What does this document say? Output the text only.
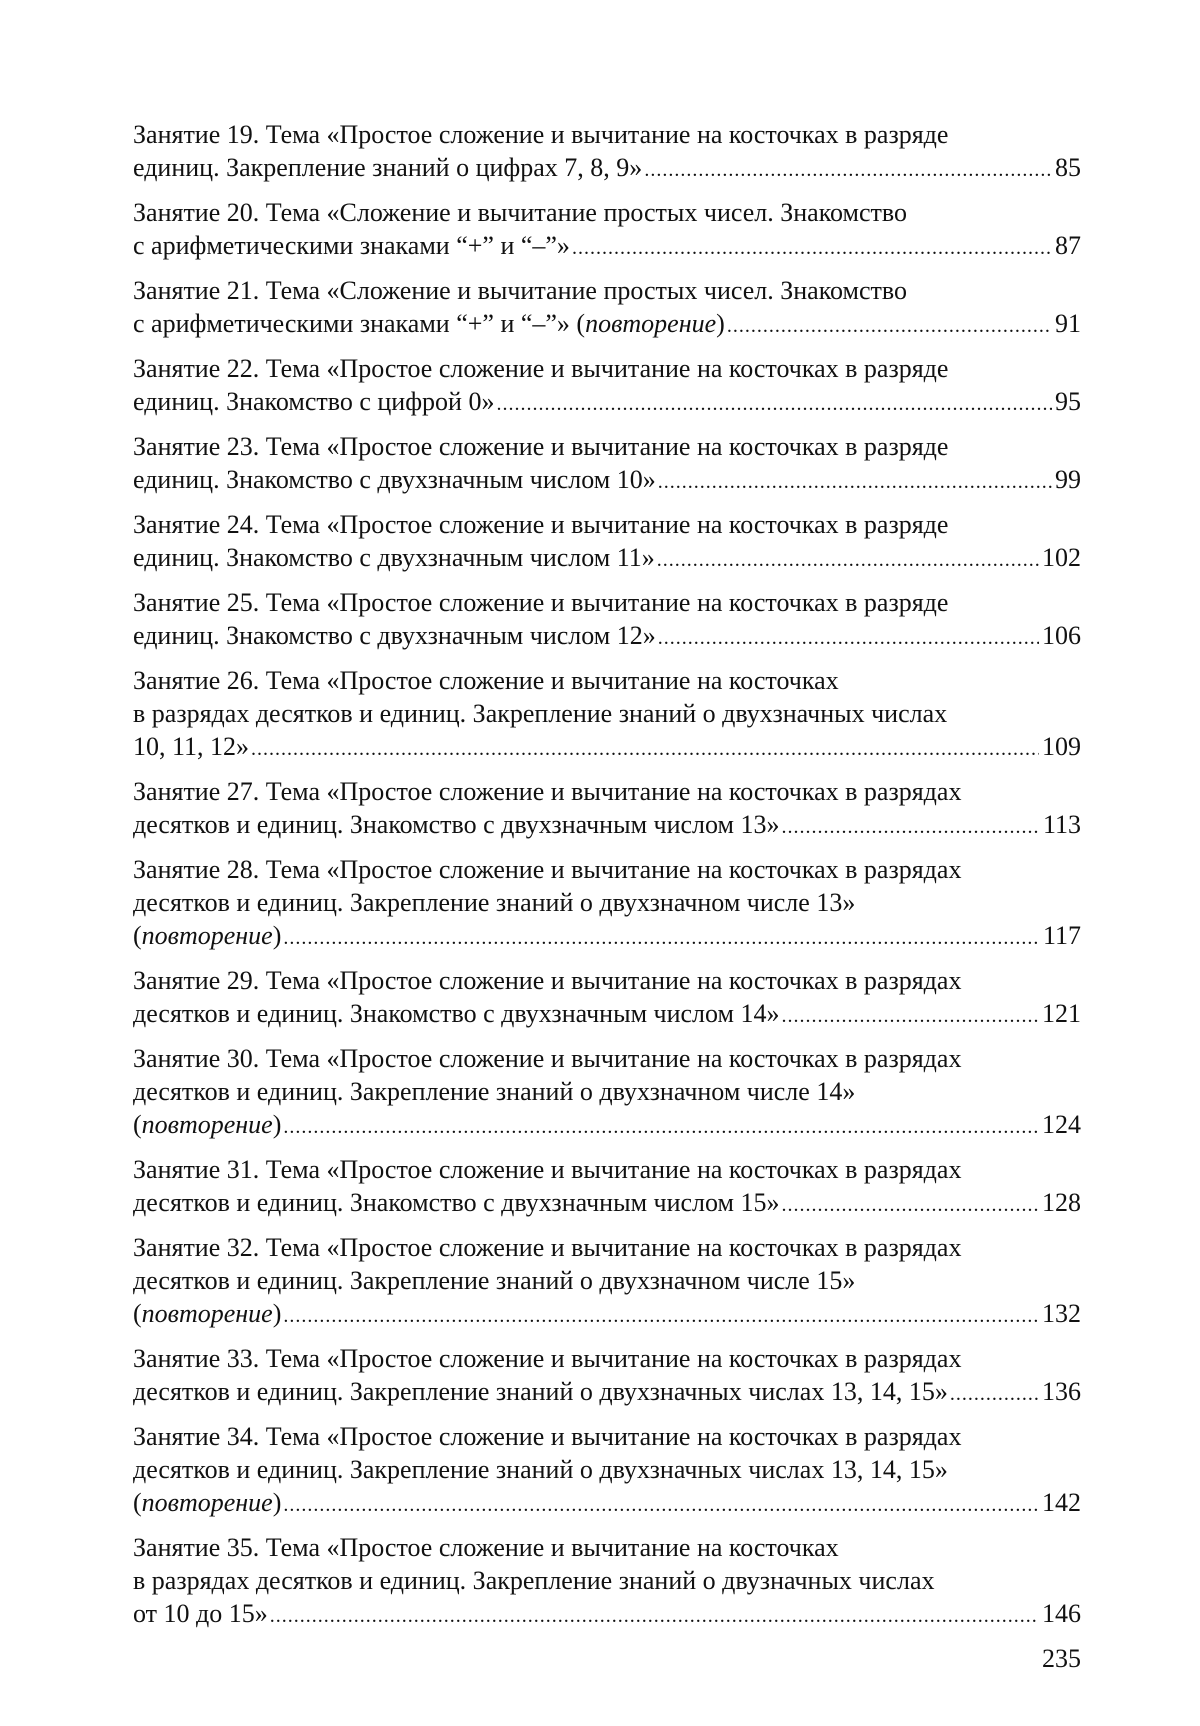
Занятие 19. Тема «Простое сложение и вычитание на косточках в разряде
единиц. Закрепление знаний о цифрах 7, 8, 9» .....	85
Занятие 20. Тема «Сложение и вычитание простых чисел. Знакомство
с арифметическими знаками “+” и “–”» .....	87
Занятие 21. Тема «Сложение и вычитание простых чисел. Знакомство
с арифметическими знаками “+” и “–”» (повторение) .....	91
Занятие 22. Тема «Простое сложение и вычитание на косточках в разряде
единиц. Знакомство с цифрой 0» .....	95
Занятие 23. Тема «Простое сложение и вычитание на косточках в разряде
единиц. Знакомство с двухзначным числом 10» .....	99
Занятие 24. Тема «Простое сложение и вычитание на косточках в разряде
единиц. Знакомство с двухзначным числом 11» .....	102
Занятие 25. Тема «Простое сложение и вычитание на косточках в разряде
единиц. Знакомство с двухзначным числом 12» .....	106
Занятие 26. Тема «Простое сложение и вычитание на косточках
в разрядах десятков и единиц. Закрепление знаний о двухзначных числах
10, 11, 12» .....	109
Занятие 27. Тема «Простое сложение и вычитание на косточках в разрядах
десятков и единиц. Знакомство с двухзначным числом 13» .....	113
Занятие 28. Тема «Простое сложение и вычитание на косточках в разрядах
десятков и единиц. Закрепление знаний о двухзначном числе 13»
(повторение) .....	117
Занятие 29. Тема «Простое сложение и вычитание на косточках в разрядах
десятков и единиц. Знакомство с двухзначным числом 14» .....	121
Занятие 30. Тема «Простое сложение и вычитание на косточках в разрядах
десятков и единиц. Закрепление знаний о двухзначном числе 14»
(повторение) .....	124
Занятие 31. Тема «Простое сложение и вычитание на косточках в разрядах
десятков и единиц. Знакомство с двухзначным числом 15» .....	128
Занятие 32. Тема «Простое сложение и вычитание на косточках в разрядах
десятков и единиц. Закрепление знаний о двухзначном числе 15»
(повторение) .....	132
Занятие 33. Тема «Простое сложение и вычитание на косточках в разрядах
десятков и единиц. Закрепление знаний о двухзначных числах 13, 14, 15» .....	136
Занятие 34. Тема «Простое сложение и вычитание на косточках в разрядах
десятков и единиц. Закрепление знаний о двухзначных числах 13, 14, 15»
(повторение) .....	142
Занятие 35. Тема «Простое сложение и вычитание на косточках
в разрядах десятков и единиц. Закрепление знаний о двузначных числах
от 10 до 15» .....	146
235
